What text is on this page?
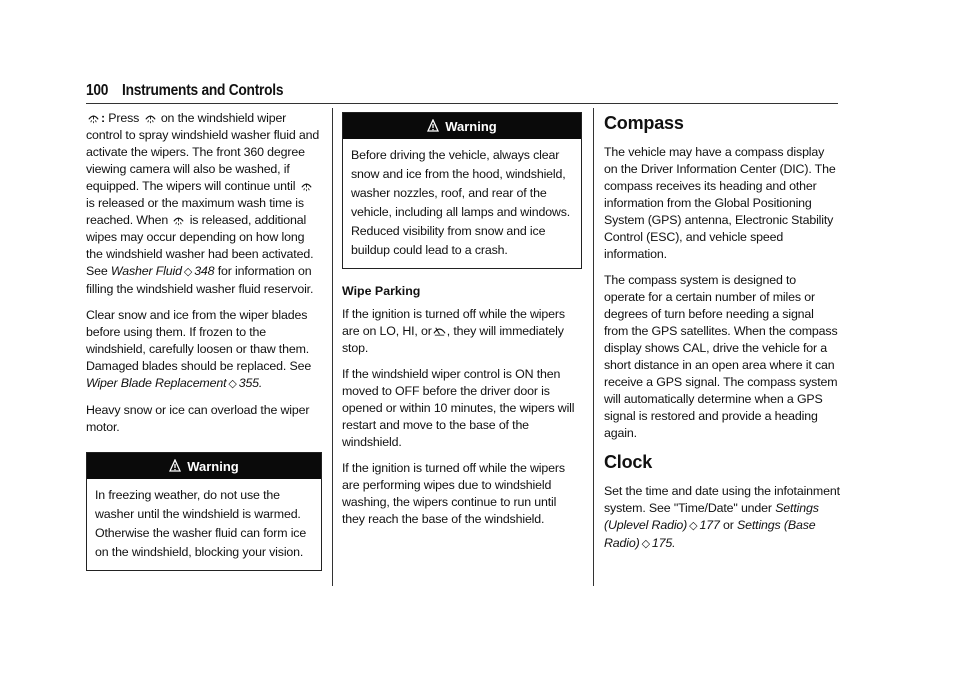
100 Instruments and Controls

: Press on the windshield wiper control to spray windshield washer fluid and activate the wipers. The front 360 degree viewing camera will also be washed, if equipped. The wipers will continue until  is released or the maximum wash time is reached. When is released, additional wipes may occur depending on how long the windshield washer had been activated. See Washer Fluid ◇ 348 for information on filling the windshield washer fluid reservoir.

Clear snow and ice from the wiper blades before using them. If frozen to the windshield, carefully loosen or thaw them. Damaged blades should be replaced. See Wiper Blade Replacement ◇ 355.

Heavy snow or ice can overload the wiper motor.

Warning
In freezing weather, do not use the washer until the windshield is warmed. Otherwise the washer fluid can form ice on the windshield, blocking your vision.
Warning
Before driving the vehicle, always clear snow and ice from the hood, windshield, washer nozzles, roof, and rear of the vehicle, including all lamps and windows. Reduced visibility from snow and ice buildup could lead to a crash.
Wipe Parking

If the ignition is turned off while the wipers are on LO, HI, or , they will immediately stop.

If the windshield wiper control is ON then moved to OFF before the driver door is opened or within 10 minutes, the wipers will restart and move to the base of the windshield.

If the ignition is turned off while the wipers are performing wipes due to windshield washing, the wipers continue to run until they reach the base of the windshield.

Compass

The vehicle may have a compass display on the Driver Information Center (DIC). The compass receives its heading and other information from the Global Positioning System (GPS) antenna, Electronic Stability Control (ESC), and vehicle speed information.

The compass system is designed to operate for a certain number of miles or degrees of turn before needing a signal from the GPS satellites. When the compass display shows CAL, drive the vehicle for a short distance in an open area where it can receive a GPS signal. The compass system will automatically determine when a GPS signal is restored and provide a heading again.

Clock

Set the time and date using the infotainment system. See "Time/Date" under Settings (Uplevel Radio) ◇ 177 or Settings (Base Radio) ◇ 175.
